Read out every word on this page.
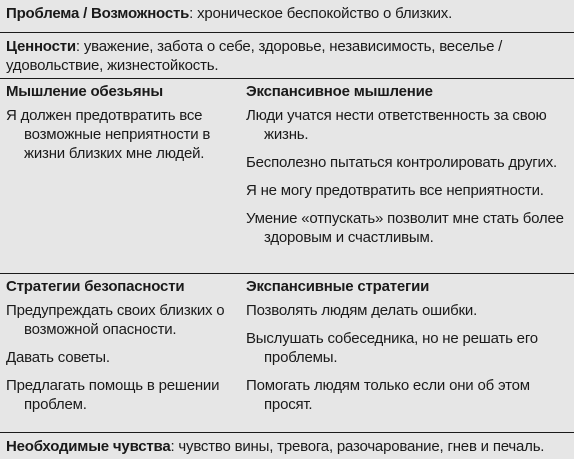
Проблема / Возможность: хроническое беспокойство о близких.
Ценности: уважение, забота о себе, здоровье, независимость, веселье / удовольствие, жизнестойкость.
Мышление обезьяны
Я должен предотвратить все возможные неприятности в жизни близких мне людей.
Экспансивное мышление
Люди учатся нести ответственность за свою жизнь.
Бесполезно пытаться контролировать других.
Я не могу предотвратить все неприятности.
Умение «отпускать» позволит мне стать более здоровым и счастливым.
Стратегии безопасности
Предупреждать своих близких о возможной опасности.
Давать советы.
Предлагать помощь в решении проблем.
Экспансивные стратегии
Позволять людям делать ошибки.
Выслушать собеседника, но не решать его проблемы.
Помогать людям только если они об этом просят.
Необходимые чувства: чувство вины, тревога, разочарование, гнев и печаль.
